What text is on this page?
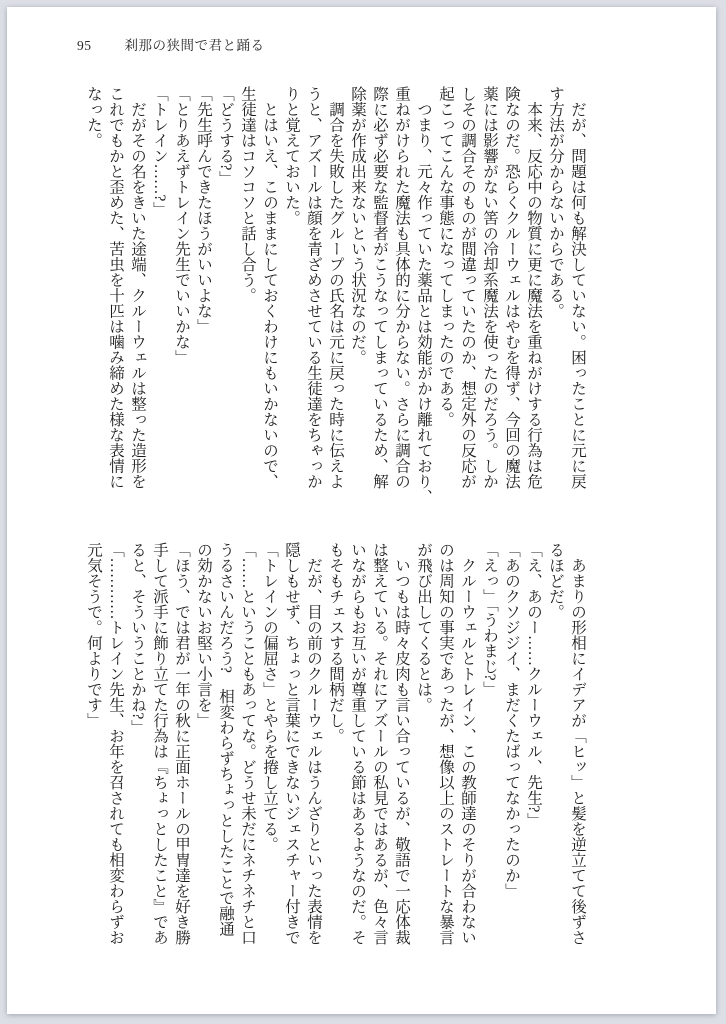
95 刹那の狭間で君と踊る

　だが、問題は何も解決していない。困ったことに元に戻

す方法が分からないからである。

　本来、反応中の物質に更に魔法を重ねがけする行為は危

険なのだ。恐らくクルーウェルはやむを得ず、今回の魔法

薬には影響がない筈の冷却系魔法を使ったのだろう。しか

しその調合そのものが間違っていたのか、想定外の反応が

起こってこんな事態になってしまったのである。

　つまり、元々作っていた薬品とは効能がかけ離れており、

重ねがけられた魔法も具体的に分からない。さらに調合の

際に必ず必要な監督者がこうなってしまっているため、解

除薬が作成出来ないという状況なのだ。

　調合を失敗したグループの氏名は元に戻った時に伝えよ

うと、アズールは顔を青ざめさせている生徒達をちゃっか

りと覚えておいた。

　とはいえ、このままにしておくわけにもいかないので、

生徒達はコソコソと話し合う。

「どうする?」

「先生呼んできたほうがいいよな」

「とりあえずトレイン先生でいいかな」

「トレイン……?」

　だがその名をきいた途端、クルーウェルは整った造形を

これでもかと歪めた、苦虫を十匹は噛み締めた様な表情に

なった。

　あまりの形相にイデアが「ヒッ」と髪を逆立てて後ずさ

るほどだ。

「え、あのー……クルーウェル、先生?」

「あのクソジジイ、まだくたばってなかったのか」

「えっ」「うわまじ?」

　クルーウェルとトレイン、この教師達のそりが合わない

のは周知の事実であったが、想像以上のストレートな暴言

が飛び出してくるとは。

　いつもは時々皮肉も言い合っているが、敬語で一応体裁

は整えている。それにアズールの私見ではあるが、色々言

いながらもお互いが尊重している節はあるようなのだ。そ

もそもチェスする間柄だし。

　だが、目の前のクルーウェルはうんざりといった表情を

隠しもせず、ちょっと言葉にできないジェスチャー付きで

「トレインの偏屈さ」とやらを捲し立てる。

「……ということもあってな。どうせ未だにネチネチと口

うるさいんだろう?　相変わらずちょっとしたことで融通

の効かないお堅い小言を」

「ほう、では君が一年の秋に正面ホールの甲冑達を好き勝

手して派手に飾り立てた行為は『ちょっとしたこと』であ

ると、そういうことかね?」

「…………トレイン先生、お年を召されても相変わらずお

元気そうで。何よりです」
